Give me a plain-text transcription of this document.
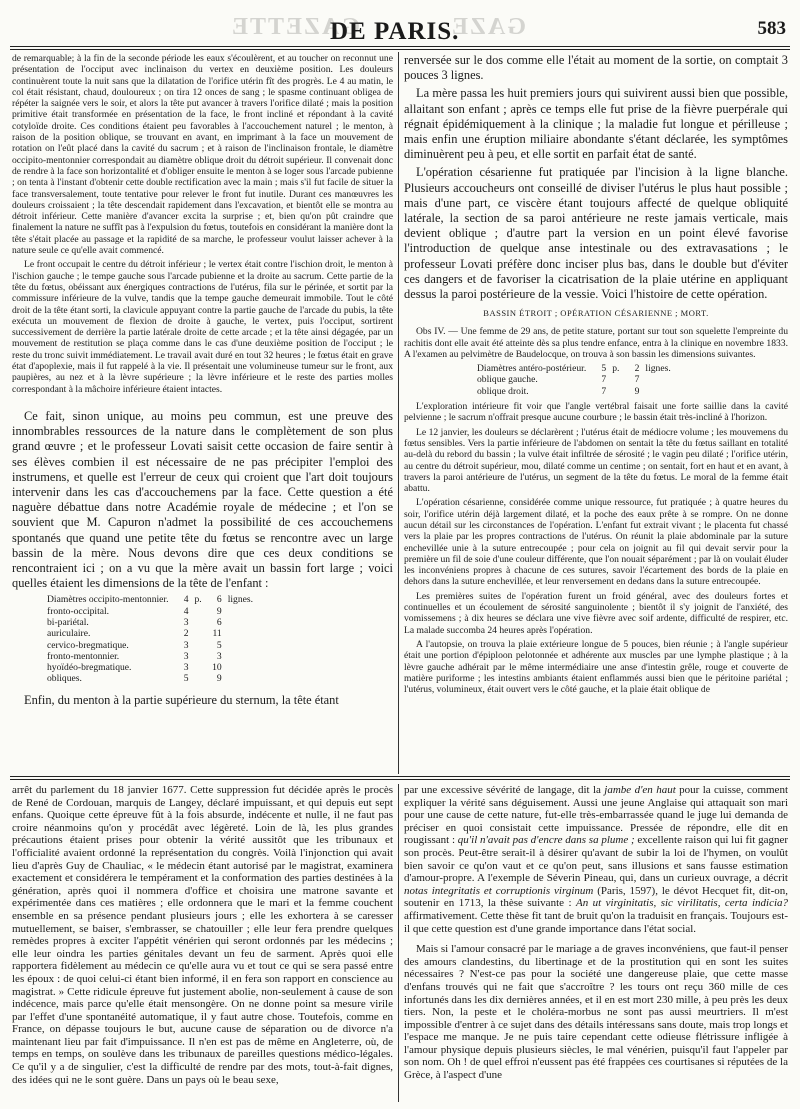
GAZETTE	GAZE
DE PARIS.	583

de remarquable; à la fin de la seconde période les eaux s'écoulèrent, et au toucher on reconnut une présentation de l'occiput avec inclinaison du vertex en deuxième position. Les douleurs continuèrent toute la nuit sans que la dilatation de l'orifice utérin fît des progrès. Le 4 au matin, le col était résistant, chaud, douloureux ; on tira 12 onces de sang ; le spasme continuant obligea de répéter la saignée vers le soir, et alors la tête put avancer à travers l'orifice dilaté ; mais la position primitive était transformée en présentation de la face, le front incliné et répondant à la cavité cotyloïde droite. Ces conditions étaient peu favorables à l'accouchement naturel ; le menton, à raison de la position oblique, se trouvant en avant, en imprimant à la face un mouvement de rotation on l'eût placé dans la cavité du sacrum ; et à raison de l'inclinaison frontale, le diamètre occipito-mentonnier correspondait au diamètre oblique droit du détroit supérieur. Il convenait donc de rendre à la face son horizontalité et d'obliger ensuite le menton à se loger sous l'arcade pubienne ; on tenta à l'instant d'obtenir cette double rectification avec la main ; mais s'il fut facile de situer la face transversalement, toute tentative pour relever le front fut inutile. Durant ces manœuvres les douleurs croissaient ; la tête descendait rapidement dans l'excavation, et bientôt elle se montra au détroit inférieur. Cette manière d'avancer excita la surprise ; et, bien qu'on pût craindre que finalement la nature ne suffît pas à l'expulsion du fœtus, toutefois en considérant la manière dont la tête s'était placée au passage et la rapidité de sa marche, le professeur voulut laisser achever à la nature seule ce qu'elle avait commencé.

Le front occupait le centre du détroit inférieur ; le vertex était contre l'ischion droit, le menton à l'ischion gauche ; le tempe gauche sous l'arcade pubienne et la droite au sacrum. Cette partie de la tête du fœtus, obéissant aux énergiques contractions de l'utérus, fila sur le périnée, et sortit par la commissure inférieure de la vulve, tandis que la tempe gauche demeurait immobile. Tout le côté droit de la tête étant sorti, la clavicule appuyant contre la partie gauche de l'arcade du pubis, la tête exécuta un mouvement de flexion de droite à gauche, le vertex, puis l'occiput, sortirent successivement de derrière la partie latérale droite de cette arcade ; et la tête ainsi dégagée, par un mouvement de restitution se plaça comme dans le cas d'une deuxième position de l'occiput ; le reste du tronc suivit immédiatement. Le travail avait duré en tout 32 heures ; le fœtus était en grave état d'apoplexie, mais il fut rappelé à la vie. Il présentait une volumineuse tumeur sur le front, aux paupières, au nez et à la lèvre supérieure ; la lèvre inférieure et le reste des parties molles correspondant à la mâchoire inférieure étaient intactes.

Ce fait, sinon unique, au moins peu commun, est une preuve des innombrables ressources de la nature dans le complètement de son plus grand œuvre ; et le professeur Lovati saisit cette occasion de faire sentir à ses élèves combien il est nécessaire de ne pas précipiter l'emploi des instrumens, et quelle est l'erreur de ceux qui croient que l'art doit toujours intervenir dans les cas d'accouchemens par la face. Cette question a été naguère débattue dans notre Académie royale de médecine ; et l'on se souvient que M. Capuron n'admet la possibilité de ces accouchemens spontanés que quand une petite tête du fœtus se rencontre avec un large bassin de la mère. Nous devons dire que ces deux conditions se rencontraient ici ; on a vu que la mère avait un bassin fort large ; voici quelles étaient les dimensions de la tête de l'enfant :

Diamètres occipito-mentonnier.	4	p.	6	lignes.
fronto-occipital.	4		9	
bi-pariétal.	3		6	
auriculaire.	2		11	
cervico-bregmatique.	3		5	
fronto-mentonnier.	3		3	
hyoïdéo-bregmatique.	3		10	
obliques.	5		9	

Enfin, du menton à la partie supérieure du sternum, la tête étant

renversée sur le dos comme elle l'était au moment de la sortie, on comptait 3 pouces 3 lignes.

La mère passa les huit premiers jours qui suivirent aussi bien que possible, allaitant son enfant ; après ce temps elle fut prise de la fièvre puerpérale qui régnait épidémiquement à la clinique ; la maladie fut longue et périlleuse ; mais enfin une éruption miliaire abondante s'étant déclarée, les symptômes diminuèrent peu à peu, et elle sortit en parfait état de santé.

L'opération césarienne fut pratiquée par l'incision à la ligne blanche. Plusieurs accoucheurs ont conseillé de diviser l'utérus le plus haut possible ; mais d'une part, ce viscère étant toujours affecté de quelque obliquité latérale, la section de sa paroi antérieure ne reste jamais verticale, mais devient oblique ; d'autre part la version en un point élevé favorise l'introduction de quelque anse intestinale ou des extravasations ; le professeur Lovati préfère donc inciser plus bas, dans le double but d'éviter ces dangers et de favoriser la cicatrisation de la plaie utérine en appliquant dessus la paroi postérieure de la vessie. Voici l'histoire de cette opération.

BASSIN ÉTROIT ; OPÉRATION CÉSARIENNE ; MORT.

Obs IV. — Une femme de 29 ans, de petite stature, portant sur tout son squelette l'empreinte du rachitis dont elle avait été atteinte dès sa plus tendre enfance, entra à la clinique en novembre 1833. A l'examen au pelvimètre de Baudelocque, on trouva à son bassin les dimensions suivantes.

Diamètres antéro-postérieur.	5	p.	2	lignes.
oblique gauche.	7		7	
oblique droit.	7		9	

L'exploration intérieure fit voir que l'angle vertébral faisait une forte saillie dans la cavité pelvienne ; le sacrum n'offrait presque aucune courbure ; le bassin était très-incliné à l'horizon.

Le 12 janvier, les douleurs se déclarèrent ; l'utérus était de médiocre volume ; les mouvemens du fœtus sensibles. Vers la partie inférieure de l'abdomen on sentait la tête du fœtus saillant en totalité au-delà du rebord du bassin ; la vulve était infiltrée de sérosité ; le vagin peu dilaté ; l'orifice utérin, au centre du détroit supérieur, mou, dilaté comme un centime ; on sentait, fort en haut et en avant, à travers la paroi antérieure de l'utérus, un segment de la tête du fœtus. Le moral de la femme était abattu.

L'opération césarienne, considérée comme unique ressource, fut pratiquée ; à quatre heures du soir, l'orifice utérin déjà largement dilaté, et la poche des eaux prête à se rompre. On ne donne aucun détail sur les circonstances de l'opération. L'enfant fut extrait vivant ; le placenta fut chassé vers la plaie par les propres contractions de l'utérus. On réunit la plaie abdominale par la suture enchevillée unie à la suture entrecoupée ; pour cela on joignit au fil qui devait servir pour la première un fil de soie d'une couleur différente, que l'on nouait séparément ; par là on voulait éluder les inconvéniens propres à chacune de ces sutures, savoir l'écartement des bords de la plaie en dehors dans la suture enchevillée, et leur renversement en dedans dans la suture entrecoupée.

Les premières suites de l'opération furent un froid général, avec des douleurs fortes et continuelles et un écoulement de sérosité sanguinolente ; bientôt il s'y joignit de l'anxiété, des vomissemens ; à dix heures se déclara une vive fièvre avec soif ardente, difficulté de respirer, etc. La malade succomba 24 heures après l'opération.

A l'autopsie, on trouva la plaie extérieure longue de 5 pouces, bien réunie ; à l'angle supérieur était une portion d'épiploon pelotonnée et adhérente aux muscles par une lymphe plastique ; à la lèvre gauche adhérait par le même intermédiaire une anse d'intestin grêle, rouge et couverte de matière puriforme ; les intestins ambiants étaient enflammés aussi bien que le péritoine pariétal ; l'utérus, volumineux, était ouvert vers le côté gauche, et la plaie était oblique de

arrêt du parlement du 18 janvier 1677. Cette suppression fut décidée après le procès de René de Cordouan, marquis de Langey, déclaré impuissant, et qui depuis eut sept enfans. Quoique cette épreuve fût à la fois absurde, indécente et nulle, il ne faut pas croire néanmoins qu'on y procédât avec légèreté. Loin de là, les plus grandes précautions étaient prises pour obtenir la vérité aussitôt que les tribunaux et l'officialité avaient ordonné la représentation du congrès. Voilà l'injonction qui avait lieu d'après Guy de Chauliac, « le médecin étant autorisé par le magistrat, examinera exactement et considérera le tempérament et la conformation des parties destinées à la génération, après quoi il nommera d'office et choisira une matrone savante et expérimentée dans ces matières ; elle ordonnera que le mari et la femme couchent ensemble en sa présence pendant plusieurs jours ; elle les exhortera à se caresser mutuellement, se baiser, s'embrasser, se chatouiller ; elle leur fera prendre quelques remèdes propres à exciter l'appétit vénérien qui seront ordonnés par les médecins ; elle leur oindra les parties génitales devant un feu de sarment. Après quoi elle rapportera fidèlement au médecin ce qu'elle aura vu et tout ce qui se sera passé entre les époux : de quoi celui-ci étant bien informé, il en fera son rapport en conscience au magistrat. » Cette ridicule épreuve fut justement abolie, non-seulement à cause de son indécence, mais parce qu'elle était mensongère. On ne donne point sa mesure virile par l'effet d'une spontanéité automatique, il y faut autre chose. Toutefois, comme en France, on dépasse toujours le but, aucune cause de séparation ou de divorce n'a maintenant lieu par fait d'impuissance. Il n'en est pas de même en Angleterre, où, de temps en temps, on soulève dans les tribunaux de pareilles questions médico-légales. Ce qu'il y a de singulier, c'est la difficulté de rendre par des mots, tout-à-fait dignes, des idées qui ne le sont guère. Dans un pays où le beau sexe,

par une excessive sévérité de langage, dit la jambe d'en haut pour la cuisse, comment expliquer la vérité sans déguisement. Aussi une jeune Anglaise qui attaquait son mari pour une cause de cette nature, fut-elle très-embarrassée quand le juge lui demanda de préciser en quoi consistait cette impuissance. Pressée de répondre, elle dit en rougissant : qu'il n'avait pas d'encre dans sa plume ; excellente raison qui lui fit gagner son procès. Peut-être serait-il à désirer qu'avant de subir la loi de l'hymen, on voulût bien savoir ce qu'on vaut et ce qu'on peut, sans illusions et sans fausse estimation d'amour-propre. A l'exemple de Séverin Pineau, qui, dans un curieux ouvrage, a décrit notas integritatis et corruptionis virginum (Paris, 1597), le dévot Hecquet fit, dit-on, soutenir en 1713, la thèse suivante : An ut virginitatis, sic virilitatis, certa indicia? affirmativement. Cette thèse fit tant de bruit qu'on la traduisit en français. Toujours est-il que cette question est d'une grande importance dans l'état social.

Mais si l'amour consacré par le mariage a de graves inconvéniens, que faut-il penser des amours clandestins, du libertinage et de la prostitution qui en sont les suites nécessaires ? N'est-ce pas pour la société une dangereuse plaie, que cette masse d'enfans trouvés qui ne fait que s'accroître ? les tours ont reçu 360 mille de ces infortunés dans les dix dernières années, et il en est mort 230 mille, à peu près les deux tiers. Non, la peste et le choléra-morbus ne sont pas aussi meurtriers. Il m'est impossible d'entrer à ce sujet dans des détails intéressans sans doute, mais trop longs et l'espace me manque. Je ne puis taire cependant cette odieuse flétrissure infligée à l'amour physique depuis plusieurs siècles, le mal vénérien, puisqu'il faut l'appeler par son nom. Oh ! de quel effroi n'eussent pas été frappées ces courtisanes si réputées de la Grèce, à l'aspect d'une
